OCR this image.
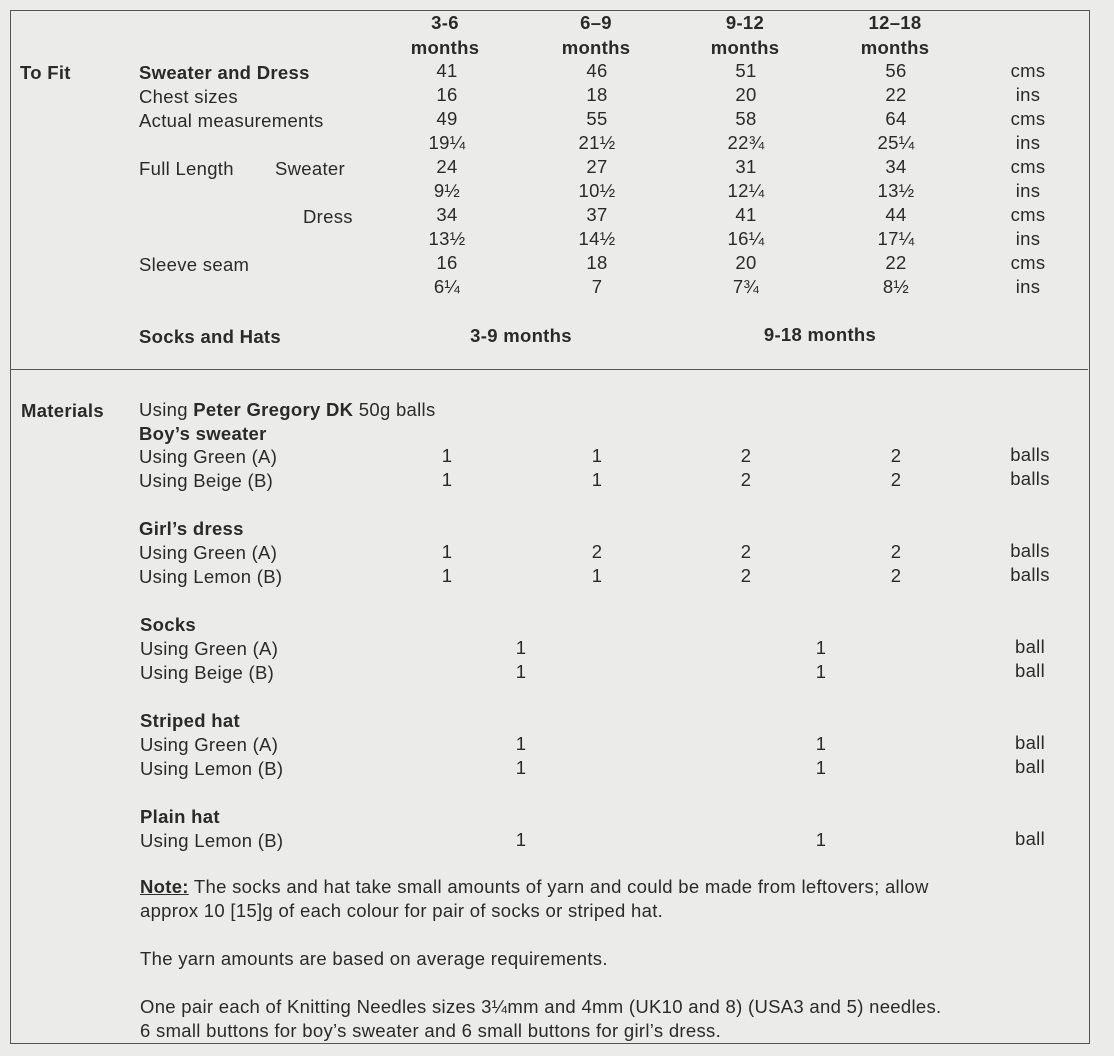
3-6
months
6–9
months
9-12
months
12–18
months
To Fit	Sweater and Dress	41	46	51	56	cms
Chest sizes	16	18	20	22	ins
Actual measurements	49	55	58	64	cms
19¼	21½	22¾	25¼	ins
Full Length Sweater	24	27	31	34	cms
9½	10½	12¼	13½	ins
Dress	34	37	41	44	cms
13½	14½	16¼	17¼	ins
Sleeve seam	16	18	20	22	cms
6¼	7	7¾	8½	ins
Socks and Hats	3-9 months	9-18 months
Materials Using Peter Gregory DK 50g balls
Boy’s sweater
Using Green (A)	1	1	2	2	balls
Using Beige (B)	1	1	2	2	balls
Girl’s dress
Using Green (A)	1	2	2	2	balls
Using Lemon (B)	1	1	2	2	balls
Socks
Using Green (A)	1	1	ball
Using Beige (B)	1	1	ball
Striped hat
Using Green (A)	1	1	ball
Using Lemon (B)	1	1	ball
Plain hat
Using Lemon (B)	1	1	ball
Note: The socks and hat take small amounts of yarn and could be made from leftovers; allow
approx 10 [15]g of each colour for pair of socks or striped hat.
The yarn amounts are based on average requirements.
One pair each of Knitting Needles sizes 3¼mm and 4mm (UK10 and 8) (USA3 and 5) needles.
6 small buttons for boy’s sweater and 6 small buttons for girl’s dress.
